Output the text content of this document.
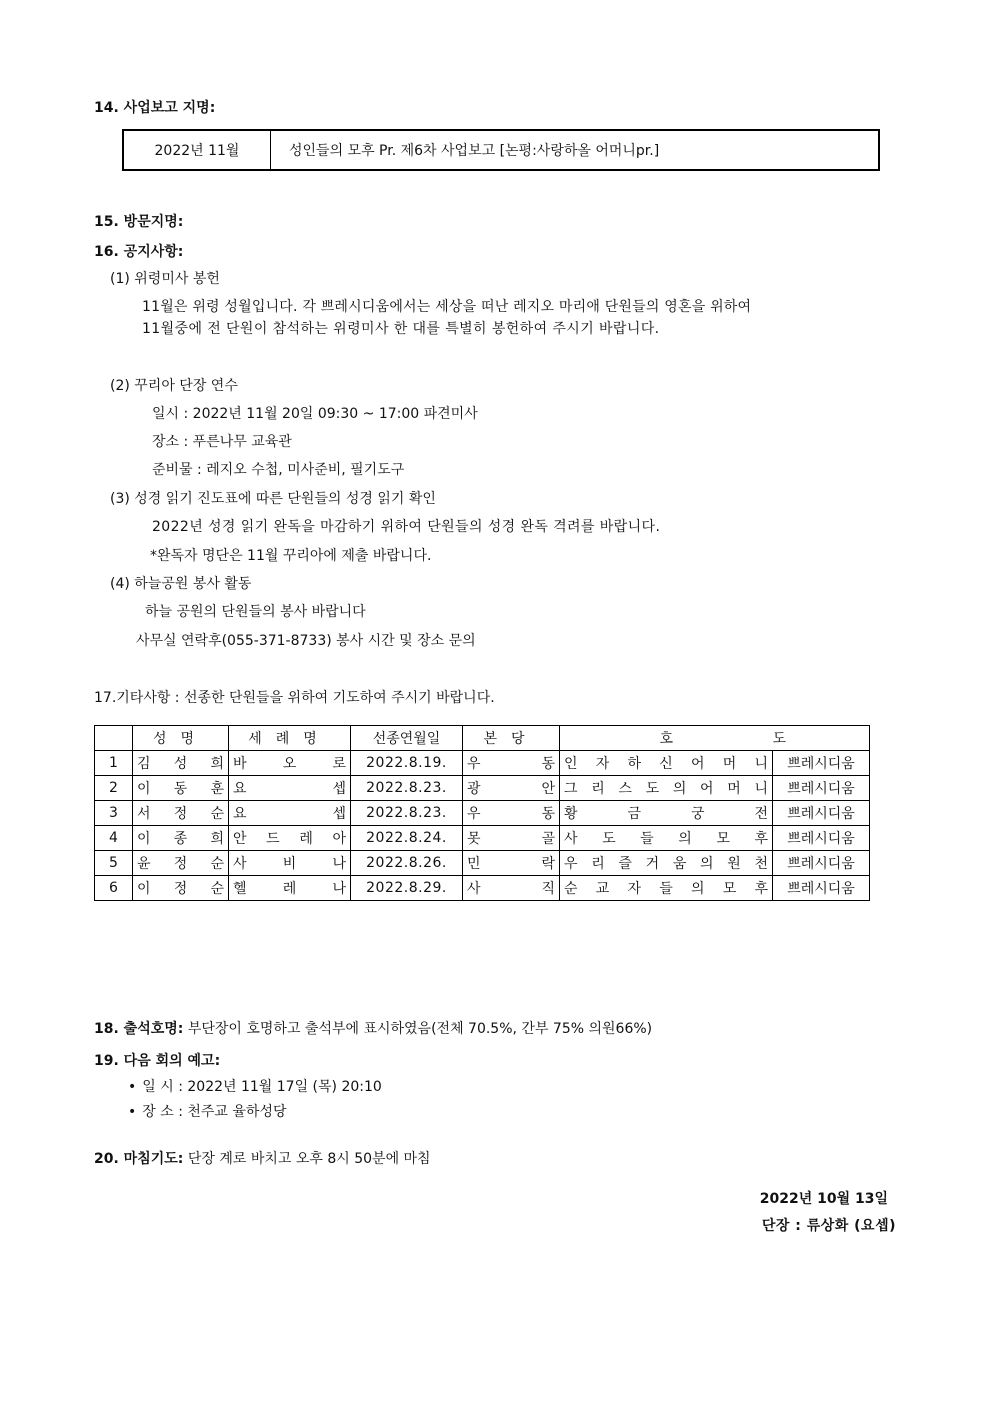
14. 사업보고 지명:
2022년 11월	성인들의 모후 Pr. 제6차 사업보고 [논평:사랑하올 어머니pr.]
15. 방문지명:
16. 공지사항:
(1) 위령미사 봉헌
11월은 위령 성월입니다. 각 쁘레시디움에서는 세상을 떠난 레지오 마리애 단원들의 영혼을 위하여
11월중에 전 단원이 참석하는 위령미사 한 대를 특별히 봉헌하여 주시기 바랍니다.
(2) 꾸리아 단장 연수
일시 : 2022년 11월 20일 09:30 ~ 17:00 파견미사
장소 : 푸른나무 교육관
준비물 : 레지오 수첩, 미사준비, 필기도구
(3) 성경 읽기 진도표에 따른 단원들의 성경 읽기 확인
2022년 성경 읽기 완독을 마감하기 위하여 단원들의 성경 완독 격려를 바랍니다.
*완독자 명단은 11월 꾸리아에 제출 바랍니다.
(4) 하늘공원 봉사 활동
하늘 공원의 단원들의 봉사 바랍니다
사무실 연락후(055-371-8733) 봉사 시간 및 장소 문의
17.기타사항 : 선종한 단원들을 위하여 기도하여 주시기 바랍니다.
	성명	세례명	선종연월일	본당	호	도
1	김 성 희	바 오 로	2022.8.19.	우 동	인 자 하 신 어 머 니	쁘레시디움
2	이 동 훈	요 셉	2022.8.23.	광 안	그 리 스 도 의 어 머 니	쁘레시디움
3	서 정 순	요 셉	2022.8.23.	우 동	황 금 궁 전	쁘레시디움
4	이 종 희	안 드 레 아	2022.8.24.	못 골	사 도 들 의 모 후	쁘레시디움
5	윤 정 순	사 비 나	2022.8.26.	민 락	우 리 즐 거 움 의 원 천	쁘레시디움
6	이 정 순	헬 레 나	2022.8.29.	사 직	순 교 자 들 의 모 후	쁘레시디움
18. 출석호명: 부단장이 호명하고 출석부에 표시하였음(전체 70.5%, 간부 75% 의원66%)
19. 다음 회의 예고:
• 일 시 : 2022년 11월 17일 (목) 20:10
• 장 소 : 천주교 율하성당
20. 마침기도: 단장 계로 바치고 오후 8시 50분에 마침
2022년 10월 13일
단장 : 류상화 (요셉)
